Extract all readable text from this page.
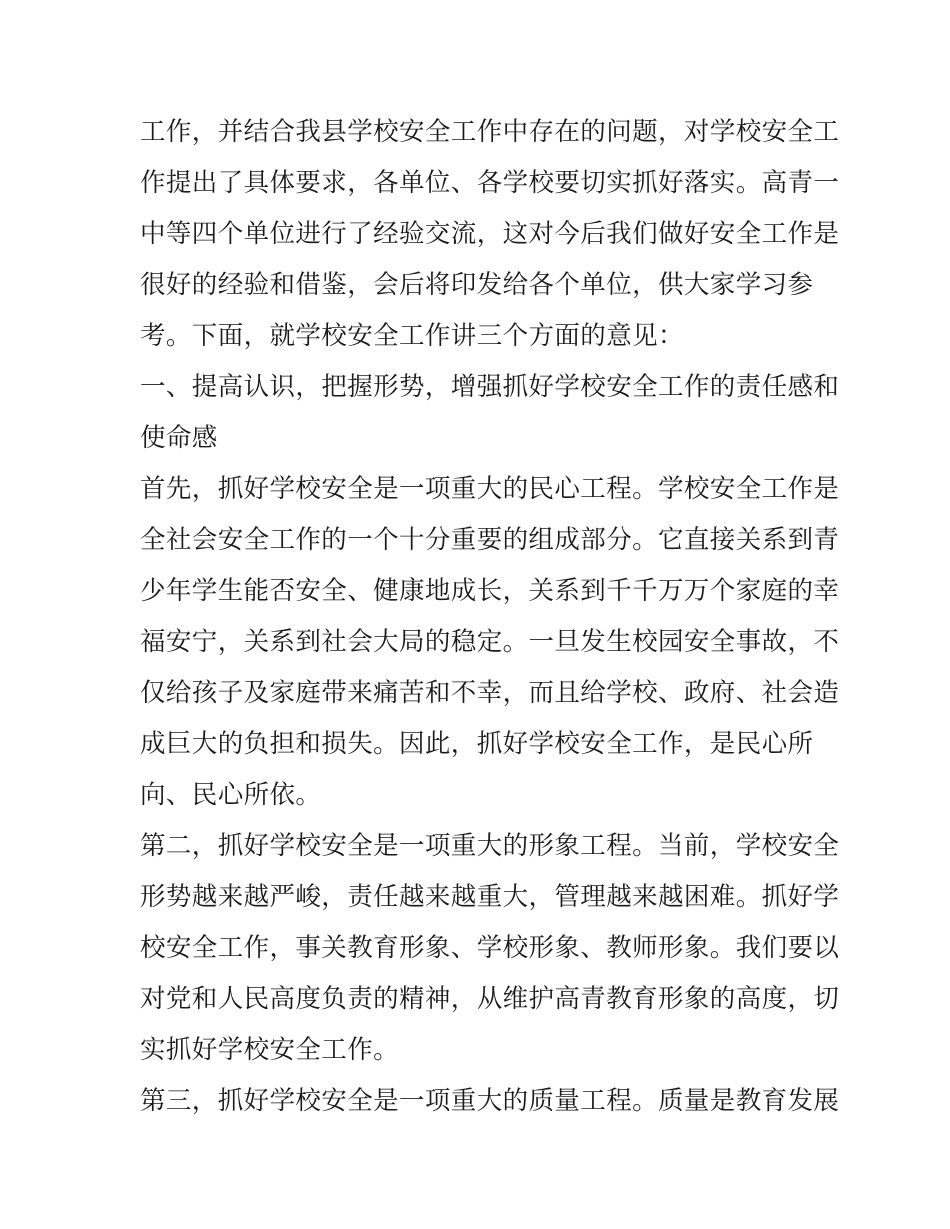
工作，并结合我县学校安全工作中存在的问题，对学校安全工
作提出了具体要求，各单位、各学校要切实抓好落实。高青一
中等四个单位进行了经验交流，这对今后我们做好安全工作是
很好的经验和借鉴，会后将印发给各个单位，供大家学习参
考。下面，就学校安全工作讲三个方面的意见：
一、提高认识，把握形势，增强抓好学校安全工作的责任感和
使命感
首先，抓好学校安全是一项重大的民心工程。学校安全工作是
全社会安全工作的一个十分重要的组成部分。它直接关系到青
少年学生能否安全、健康地成长，关系到千千万万个家庭的幸
福安宁，关系到社会大局的稳定。一旦发生校园安全事故，不
仅给孩子及家庭带来痛苦和不幸，而且给学校、政府、社会造
成巨大的负担和损失。因此，抓好学校安全工作，是民心所
向、民心所依。
第二，抓好学校安全是一项重大的形象工程。当前，学校安全
形势越来越严峻，责任越来越重大，管理越来越困难。抓好学
校安全工作，事关教育形象、学校形象、教师形象。我们要以
对党和人民高度负责的精神，从维护高青教育形象的高度，切
实抓好学校安全工作。
第三，抓好学校安全是一项重大的质量工程。质量是教育发展
